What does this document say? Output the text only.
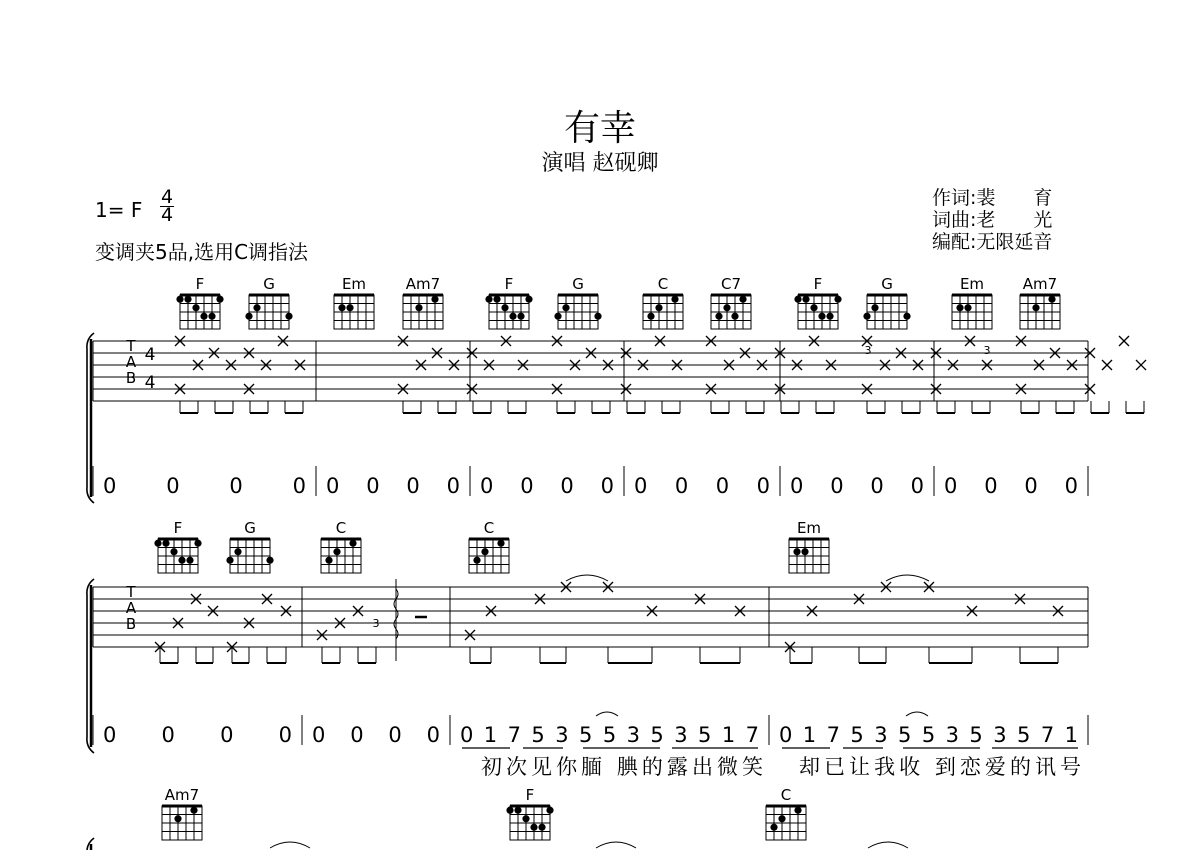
有幸
演唱 赵砚卿
1= F
4
4
变调夹5品,选用C调指法
作词:裴　　育
词曲:老　　光
编配:无限延音
F	G	Em	Am7	F	G	C	C7	F	G	Em	Am7
T
A
B
4
4
3	3
0 0 0 0 0 0 0 0 0 0 0 0 0 0 0 0 0 0 0 0 0 0 0 0
F	G	C	C	Em
T
A
B	3
0 0 0 0 0 0 0 0 0 1 7 5 3 5 5 3 5 3 5 1 7 0 1 7 5 3 5 5 3 5 3 5 7 1
初次见你腼 腆的露出微笑 却已让我收 到恋爱的讯号
Am7	F	C
